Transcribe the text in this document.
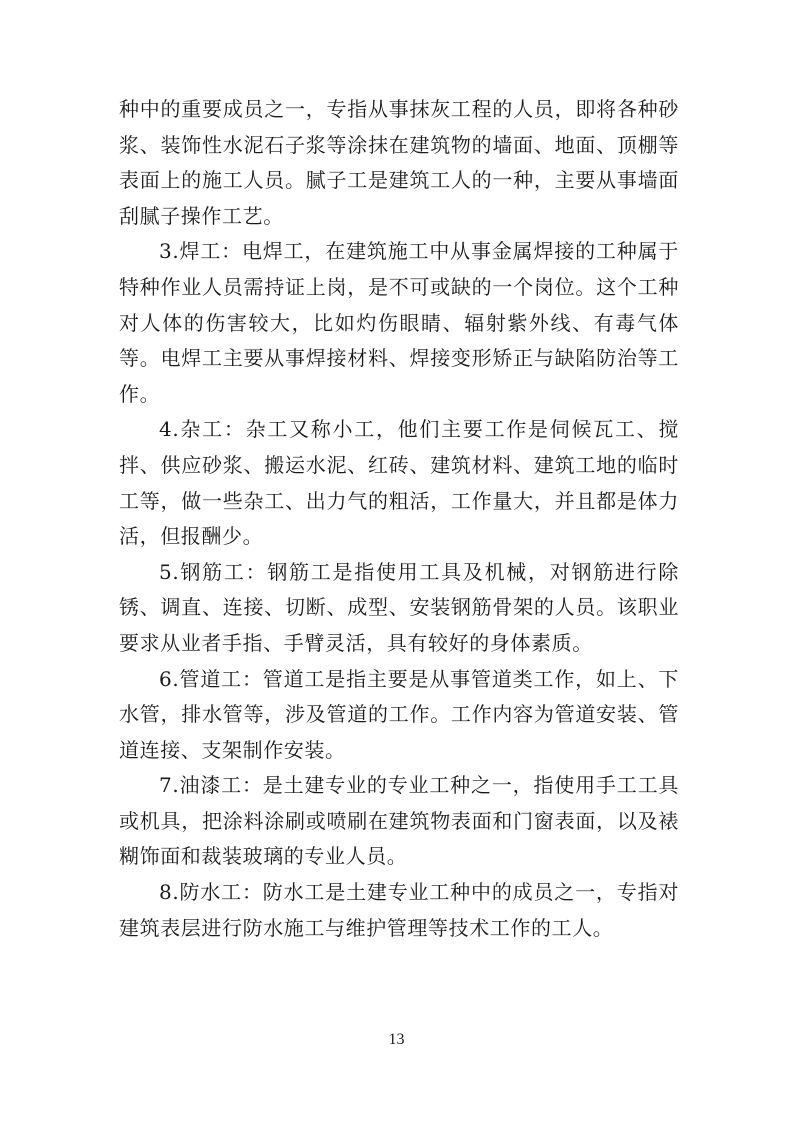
种中的重要成员之一，专指从事抹灰工程的人员，即将各种砂浆、装饰性水泥石子浆等涂抹在建筑物的墙面、地面、顶棚等表面上的施工人员。腻子工是建筑工人的一种，主要从事墙面刮腻子操作工艺。

3.焊工：电焊工，在建筑施工中从事金属焊接的工种属于特种作业人员需持证上岗，是不可或缺的一个岗位。这个工种对人体的伤害较大，比如灼伤眼睛、辐射紫外线、有毒气体等。电焊工主要从事焊接材料、焊接变形矫正与缺陷防治等工作。

4.杂工：杂工又称小工，他们主要工作是伺候瓦工、搅拌、供应砂浆、搬运水泥、红砖、建筑材料、建筑工地的临时工等，做一些杂工、出力气的粗活，工作量大，并且都是体力活，但报酬少。

5.钢筋工：钢筋工是指使用工具及机械，对钢筋进行除锈、调直、连接、切断、成型、安装钢筋骨架的人员。该职业要求从业者手指、手臂灵活，具有较好的身体素质。

6.管道工：管道工是指主要是从事管道类工作，如上、下水管，排水管等，涉及管道的工作。工作内容为管道安装、管道连接、支架制作安装。

7.油漆工：是土建专业的专业工种之一，指使用手工工具或机具，把涂料涂刷或喷刷在建筑物表面和门窗表面，以及裱糊饰面和裁装玻璃的专业人员。

8.防水工：防水工是土建专业工种中的成员之一，专指对建筑表层进行防水施工与维护管理等技术工作的工人。

13
